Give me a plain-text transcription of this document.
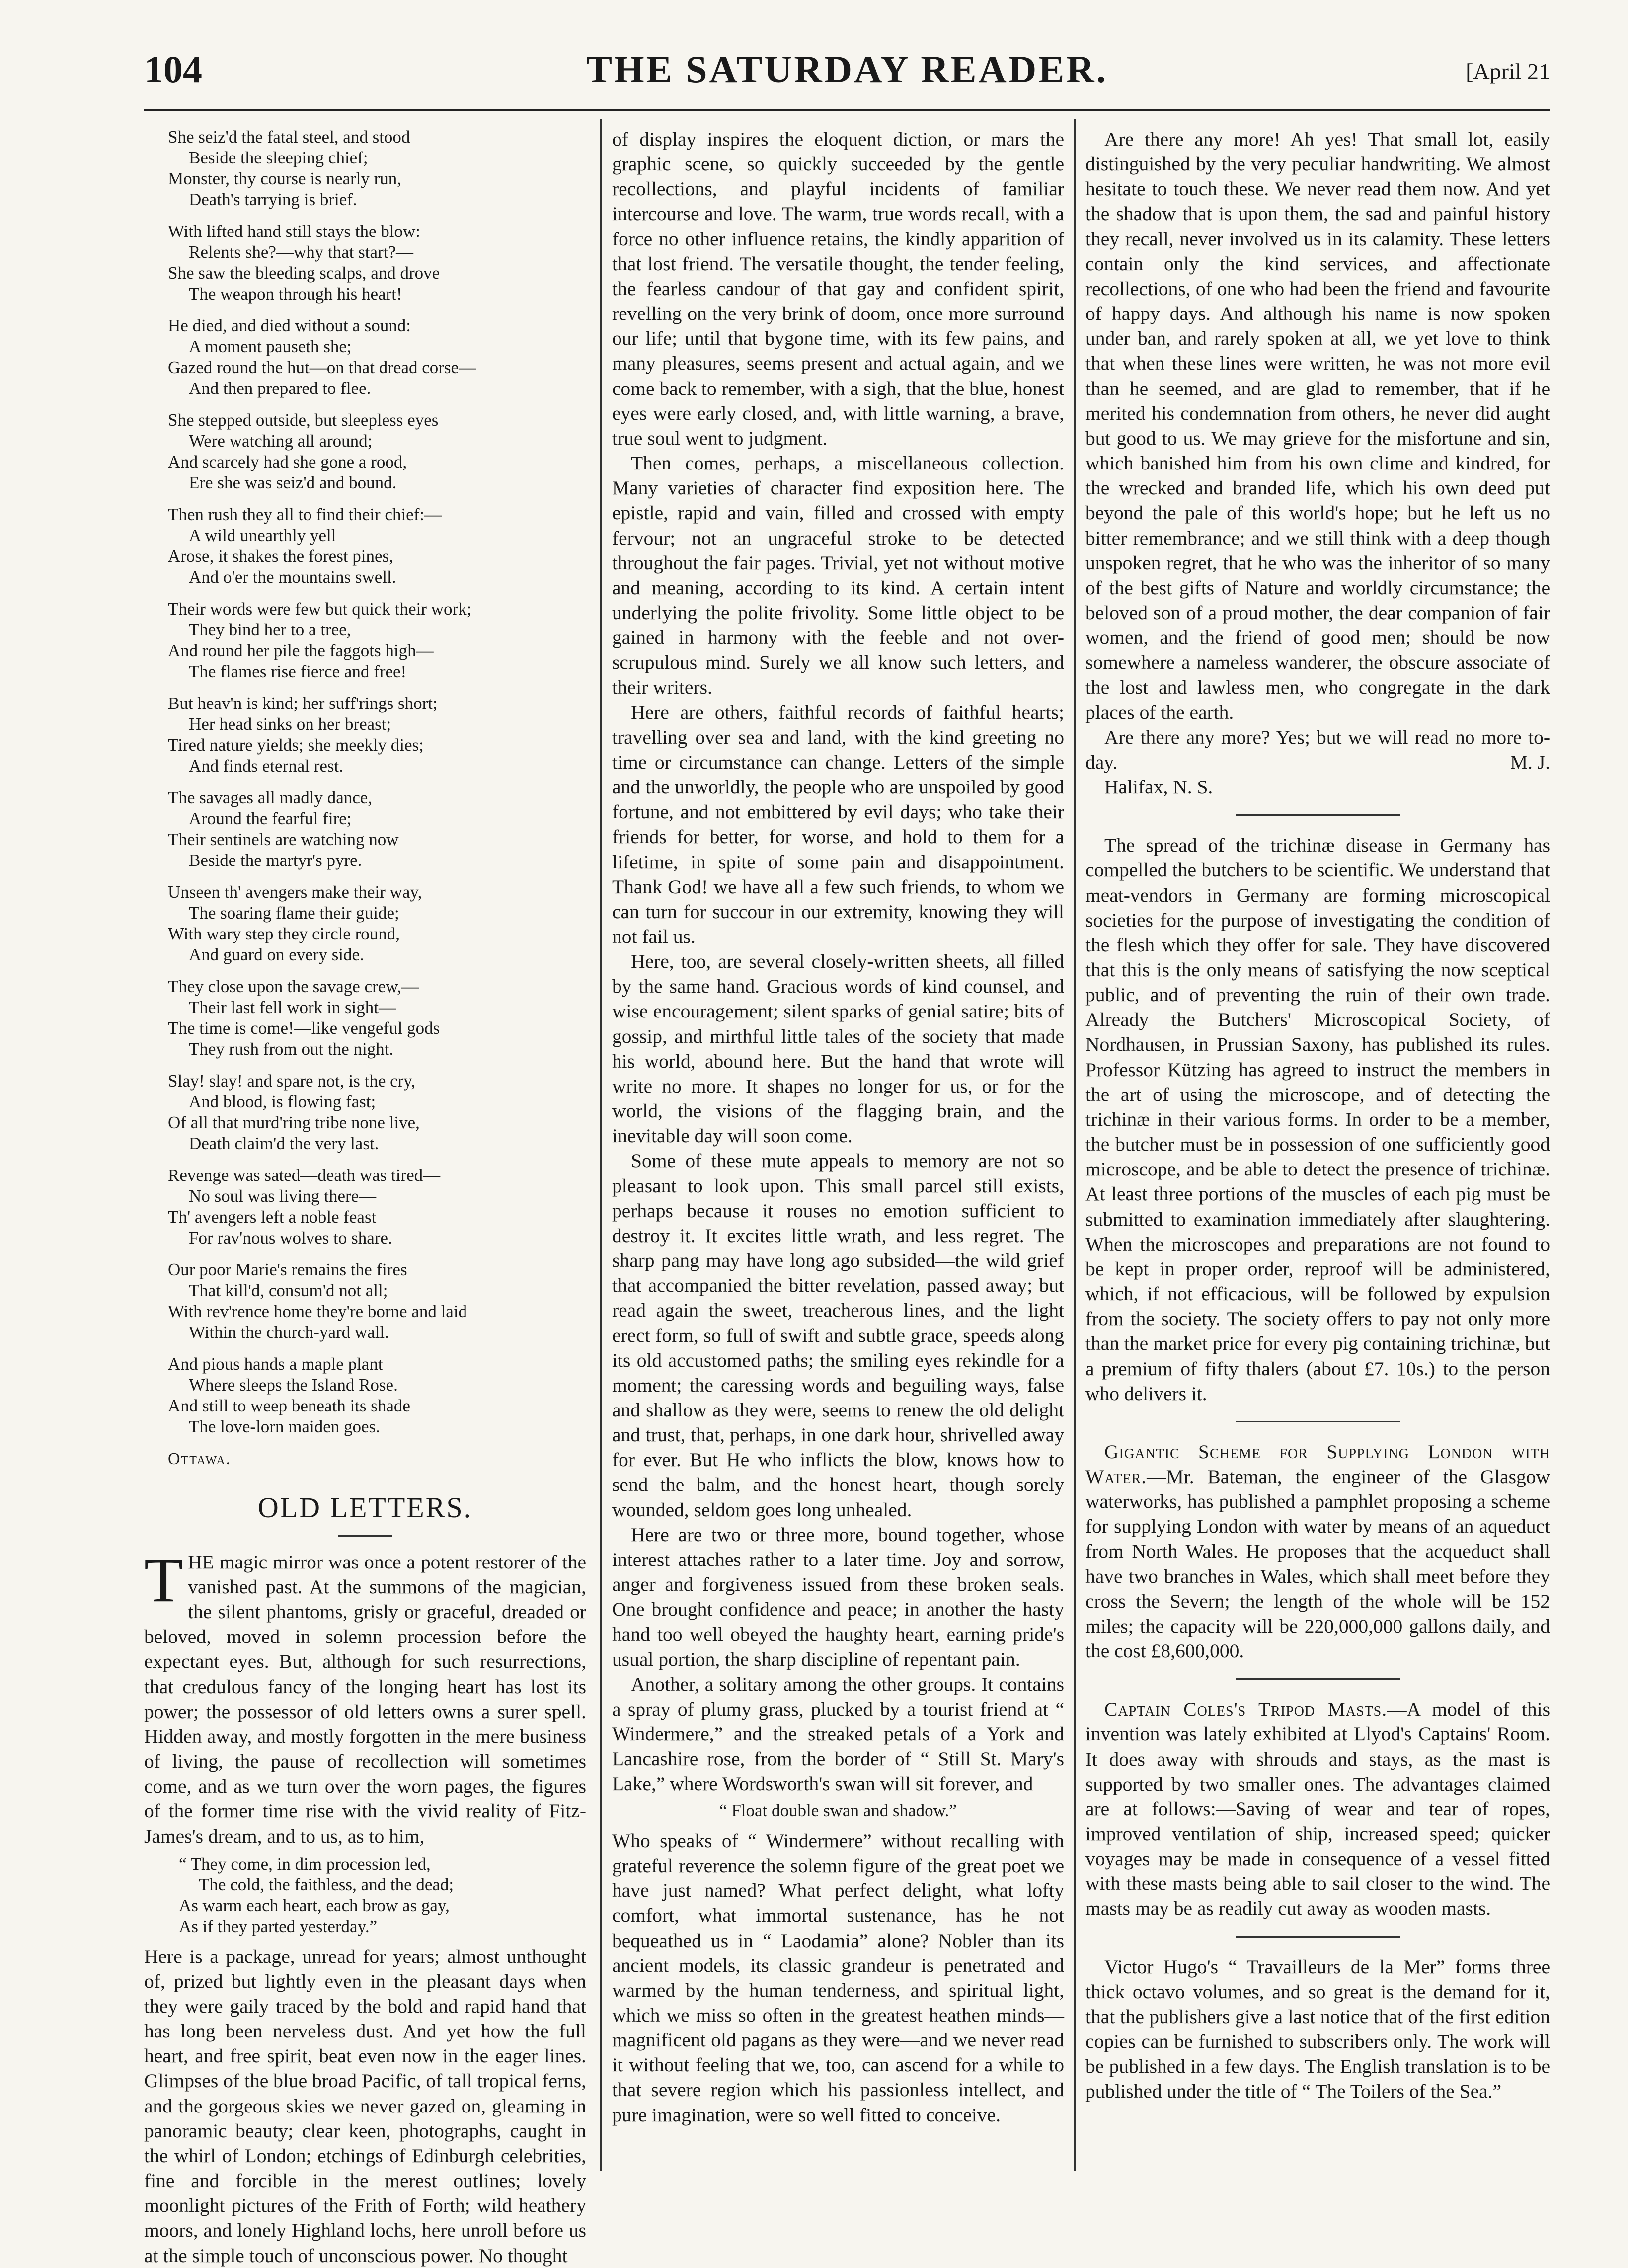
104	THE SATURDAY READER.	[April 21
She seiz'd the fatal steel, and stood
Beside the sleeping chief;
Monster, thy course is nearly run,
Death's tarrying is brief.
With lifted hand still stays the blow:
Relents she?—why that start?—
She saw the bleeding scalps, and drove
The weapon through his heart!
He died, and died without a sound:
A moment pauseth she;
Gazed round the hut—on that dread corse—
And then prepared to flee.
She stepped outside, but sleepless eyes
Were watching all around;
And scarcely had she gone a rood,
Ere she was seiz'd and bound.
Then rush they all to find their chief:—
A wild unearthly yell
Arose, it shakes the forest pines,
And o'er the mountains swell.
Their words were few but quick their work;
They bind her to a tree,
And round her pile the faggots high—
The flames rise fierce and free!
But heav'n is kind; her suff'rings short;
Her head sinks on her breast;
Tired nature yields; she meekly dies;
And finds eternal rest.
The savages all madly dance,
Around the fearful fire;
Their sentinels are watching now
Beside the martyr's pyre.
Unseen th' avengers make their way,
The soaring flame their guide;
With wary step they circle round,
And guard on every side.
They close upon the savage crew,—
Their last fell work in sight—
The time is come!—like vengeful gods
They rush from out the night.
Slay! slay! and spare not, is the cry,
And blood, is flowing fast;
Of all that murd'ring tribe none live,
Death claim'd the very last.
Revenge was sated—death was tired—
No soul was living there—
Th' avengers left a noble feast
For rav'nous wolves to share.
Our poor Marie's remains the fires
That kill'd, consum'd not all;
With rev'rence home they're borne and laid
Within the church-yard wall.
And pious hands a maple plant
Where sleeps the Island Rose.
And still to weep beneath its shade
The love-lorn maiden goes.
Ottawa.
OLD LETTERS.

THE magic mirror was once a potent restorer of the vanished past. At the summons of the magician, the silent phantoms, grisly or graceful, dreaded or beloved, moved in solemn procession before the expectant eyes. But, although for such resurrections, that credulous fancy of the longing heart has lost its power; the possessor of old letters owns a surer spell. Hidden away, and mostly forgotten in the mere business of living, the pause of recollection will sometimes come, and as we turn over the worn pages, the figures of the former time rise with the vivid reality of Fitz-James's dream, and to us, as to him,

“ They come, in dim procession led,
The cold, the faithless, and the dead;
As warm each heart, each brow as gay,
As if they parted yesterday.”

Here is a package, unread for years; almost unthought of, prized but lightly even in the pleasant days when they were gaily traced by the bold and rapid hand that has long been nerveless dust. And yet how the full heart, and free spirit, beat even now in the eager lines. Glimpses of the blue broad Pacific, of tall tropical ferns, and the gorgeous skies we never gazed on, gleaming in panoramic beauty; clear keen, photographs, caught in the whirl of London; etchings of Edinburgh celebrities, fine and forcible in the merest outlines; lovely moonlight pictures of the Frith of Forth; wild heathery moors, and lonely Highland lochs, here unroll before us at the simple touch of unconscious power. No thought

of display inspires the eloquent diction, or mars the graphic scene, so quickly succeeded by the gentle recollections, and playful incidents of familiar intercourse and love. The warm, true words recall, with a force no other influence retains, the kindly apparition of that lost friend. The versatile thought, the tender feeling, the fearless candour of that gay and confident spirit, revelling on the very brink of doom, once more surround our life; until that bygone time, with its few pains, and many pleasures, seems present and actual again, and we come back to remember, with a sigh, that the blue, honest eyes were early closed, and, with little warning, a brave, true soul went to judgment.

Then comes, perhaps, a miscellaneous collection. Many varieties of character find exposition here. The epistle, rapid and vain, filled and crossed with empty fervour; not an ungraceful stroke to be detected throughout the fair pages. Trivial, yet not without motive and meaning, according to its kind. A certain intent underlying the polite frivolity. Some little object to be gained in harmony with the feeble and not over-scrupulous mind. Surely we all know such letters, and their writers.

Here are others, faithful records of faithful hearts; travelling over sea and land, with the kind greeting no time or circumstance can change. Letters of the simple and the unworldly, the people who are unspoiled by good fortune, and not embittered by evil days; who take their friends for better, for worse, and hold to them for a lifetime, in spite of some pain and disappointment. Thank God! we have all a few such friends, to whom we can turn for succour in our extremity, knowing they will not fail us.

Here, too, are several closely-written sheets, all filled by the same hand. Gracious words of kind counsel, and wise encouragement; silent sparks of genial satire; bits of gossip, and mirthful little tales of the society that made his world, abound here. But the hand that wrote will write no more. It shapes no longer for us, or for the world, the visions of the flagging brain, and the inevitable day will soon come.

Some of these mute appeals to memory are not so pleasant to look upon. This small parcel still exists, perhaps because it rouses no emotion sufficient to destroy it. It excites little wrath, and less regret. The sharp pang may have long ago subsided—the wild grief that accompanied the bitter revelation, passed away; but read again the sweet, treacherous lines, and the light erect form, so full of swift and subtle grace, speeds along its old accustomed paths; the smiling eyes rekindle for a moment; the caressing words and beguiling ways, false and shallow as they were, seems to renew the old delight and trust, that, perhaps, in one dark hour, shrivelled away for ever. But He who inflicts the blow, knows how to send the balm, and the honest heart, though sorely wounded, seldom goes long unhealed.

Here are two or three more, bound together, whose interest attaches rather to a later time. Joy and sorrow, anger and forgiveness issued from these broken seals. One brought confidence and peace; in another the hasty hand too well obeyed the haughty heart, earning pride's usual portion, the sharp discipline of repentant pain.

Another, a solitary among the other groups. It contains a spray of plumy grass, plucked by a tourist friend at “ Windermere,” and the streaked petals of a York and Lancashire rose, from the border of “ Still St. Mary's Lake,” where Wordsworth's swan will sit forever, and

“ Float double swan and shadow.”

Who speaks of “ Windermere” without recalling with grateful reverence the solemn figure of the great poet we have just named? What perfect delight, what lofty comfort, what immortal sustenance, has he not bequeathed us in “ Laodamia” alone? Nobler than its ancient models, its classic grandeur is penetrated and warmed by the human tenderness, and spiritual light, which we miss so often in the greatest heathen minds—magnificent old pagans as they were—and we never read it without feeling that we, too, can ascend for a while to that severe region which his passionless intellect, and pure imagination, were so well fitted to conceive.

Are there any more! Ah yes! That small lot, easily distinguished by the very peculiar handwriting. We almost hesitate to touch these. We never read them now. And yet the shadow that is upon them, the sad and painful history they recall, never involved us in its calamity. These letters contain only the kind services, and affectionate recollections, of one who had been the friend and favourite of happy days. And although his name is now spoken under ban, and rarely spoken at all, we yet love to think that when these lines were written, he was not more evil than he seemed, and are glad to remember, that if he merited his condemnation from others, he never did aught but good to us. We may grieve for the misfortune and sin, which banished him from his own clime and kindred, for the wrecked and branded life, which his own deed put beyond the pale of this world's hope; but he left us no bitter remembrance; and we still think with a deep though unspoken regret, that he who was the inheritor of so many of the best gifts of Nature and worldly circumstance; the beloved son of a proud mother, the dear companion of fair women, and the friend of good men; should be now somewhere a nameless wanderer, the obscure associate of the lost and lawless men, who congregate in the dark places of the earth.

Are there any more? Yes; but we will read no more to-day.	M. J.

Halifax, N. S.

The spread of the trichinæ disease in Germany has compelled the butchers to be scientific. We understand that meat-vendors in Germany are forming microscopical societies for the purpose of investigating the condition of the flesh which they offer for sale. They have discovered that this is the only means of satisfying the now sceptical public, and of preventing the ruin of their own trade. Already the Butchers' Microscopical Society, of Nordhausen, in Prussian Saxony, has published its rules. Professor Kützing has agreed to instruct the members in the art of using the microscope, and of detecting the trichinæ in their various forms. In order to be a member, the butcher must be in possession of one sufficiently good microscope, and be able to detect the presence of trichinæ. At least three portions of the muscles of each pig must be submitted to examination immediately after slaughtering. When the microscopes and preparations are not found to be kept in proper order, reproof will be administered, which, if not efficacious, will be followed by expulsion from the society. The society offers to pay not only more than the market price for every pig containing trichinæ, but a premium of fifty thalers (about £7. 10s.) to the person who delivers it.

Gigantic Scheme for Supplying London with Water.—Mr. Bateman, the engineer of the Glasgow waterworks, has published a pamphlet proposing a scheme for supplying London with water by means of an aqueduct from North Wales. He proposes that the acqueduct shall have two branches in Wales, which shall meet before they cross the Severn; the length of the whole will be 152 miles; the capacity will be 220,000,000 gallons daily, and the cost £8,600,000.

Captain Coles's Tripod Masts.—A model of this invention was lately exhibited at Llyod's Captains' Room. It does away with shrouds and stays, as the mast is supported by two smaller ones. The advantages claimed are at follows:—Saving of wear and tear of ropes, improved ventilation of ship, increased speed; quicker voyages may be made in consequence of a vessel fitted with these masts being able to sail closer to the wind. The masts may be as readily cut away as wooden masts.

Victor Hugo's “ Travailleurs de la Mer” forms three thick octavo volumes, and so great is the demand for it, that the publishers give a last notice that of the first edition copies can be furnished to subscribers only. The work will be published in a few days. The English translation is to be published under the title of “ The Toilers of the Sea.”
